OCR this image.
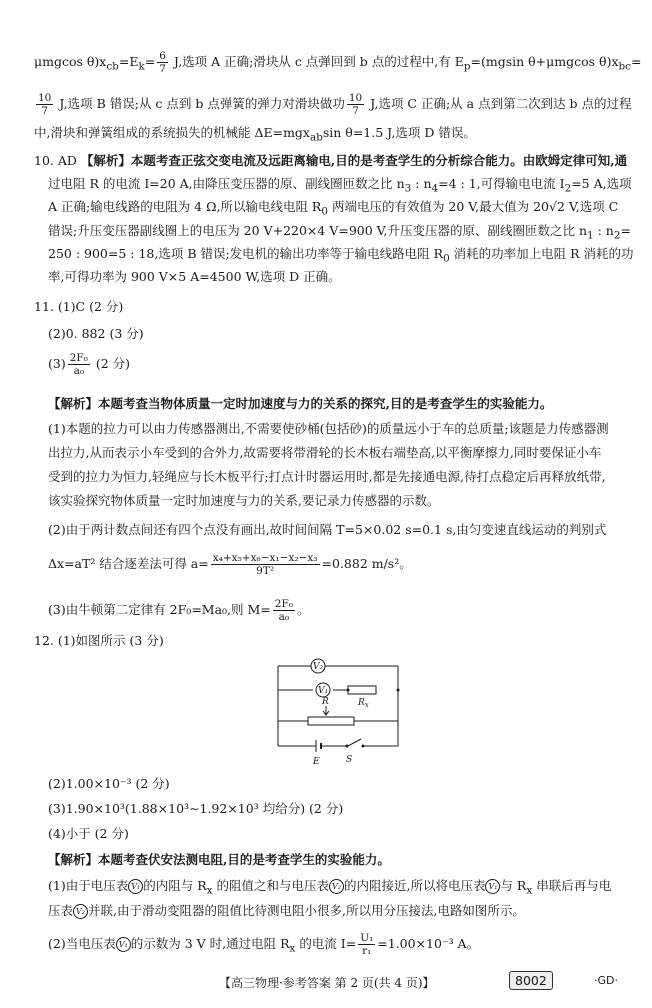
μmgcos $\theta)x_{cb}=E_k= \frac{6}{7} J$,选项 A 正确;滑块从 c 点弹回到 b 点的过程中,有 $E_p=(mgsin$ θ+μmgcos $\theta)x_{bc}=$
$\frac{10}{7} J$,选项 B 错误;从 c 点到 b 点弹簧的弹力对滑块做功 $\frac{10}{7} J$,选项 C 正确;从 a 点到第二次到达 b 点的过程
中,滑块和弹簧组成的系统损失的机械能 ΔE=mgx$_{ab}$sin θ=1.5 J,选项 D 错误。
10. AD 【解析】本题考查正弦交变电流及远距离输电,目的是考查学生的分析综合能力。由欧姆定律可知,通
过电阻 R 的电流 I=20 A,由降压变压器的原、副线圈匝数之比 $n_3$ : $n_4=4$ : 1,可得输电电流 $I_2=5$ A,选项
A 正确;输电线路的电阻为 4 Ω,所以输电线电阻 $R_0$ 两端电压的有效值为 20 V,最大值为 20√2 V,选项 C
错误;升压变压器副线圈上的电压为 20 V+220×4 V=900 V,升压变压器的原、副线圈匝数之比 $n_1$ : $n_2=$
250 : 900=5 : 18,选项 B 错误;发电机的输出功率等于输电线路电阻 $R_0$ 消耗的功率加上电阻 R 消耗的功
率,可得功率为 900 V×5 A=4500 W,选项 D 正确。
11. (1)C (2 分)
(2)0. 882 (3 分)
$(3) \frac{\text{2F₀}}{\text{a₀}} (2$ 分)
【解析】本题考查当物体质量一定时加速度与力的关系的探究,目的是考查学生的实验能力。
(1)本题的拉力可以由力传感器测出,不需要使砂桶(包括砂)的质量远小于车的总质量;该题是力传感器测
出拉力,从而表示小车受到的合外力,故需要将带滑轮的长木板右端垫高,以平衡摩擦力,同时要保证小车
受到的拉力为恒力,轻绳应与长木板平行;打点计时器运用时,都是先接通电源,待打点稳定后再释放纸带,
该实验探究物体质量一定时加速度与力的关系,要记录力传感器的示数。
(2)由于两计数点间还有四个点没有画出,故时间间隔 T=5×0.02 s=0.1 s,由匀变速直线运动的判别式
Δx=aT² 结合逐差法可得 $a= \frac{\text{x₄+x₅+x₆−x₁−x₂−x₃}}{\text{9T²}} =0.882$ m/s²。
(3)由牛顿第二定律有 2F₀=Ma₀,则 $M= \frac{\text{2F₀}}{\text{a₀}}$ 。
12. (1)如图所示 (3 分)
V₂
V₁
$R_x$
R
E	S
(2)1.00×10⁻³ (2 分)
(3)1.90×10³(1.88×10³∼1.92×10³ 均给分) (2 分)
(4)小于 (2 分)
【解析】本题考查伏安法测电阻,目的是考查学生的实验能力。
(1)由于电压表 V₁ 的内阻与 $R_x$ 的阻值之和与电压表 V₂ 的内阻接近,所以将电压表 V₁ 与 $R_x$ 串联后再与电
压表 V₂ 并联,由于滑动变阻器的阻值比待测电阻小很多,所以用分压接法,电路如图所示。
(2)当电压表 V₁ 的示数为 3 V 时,通过电阻 $R_x$ 的电流 $I= \frac{\text{U₁}}{\text{r₁}} =1.00\times 10^{-3}$ A。
【高三物理·参考答案 第 2 页(共 4 页)】	8002	·GD·
